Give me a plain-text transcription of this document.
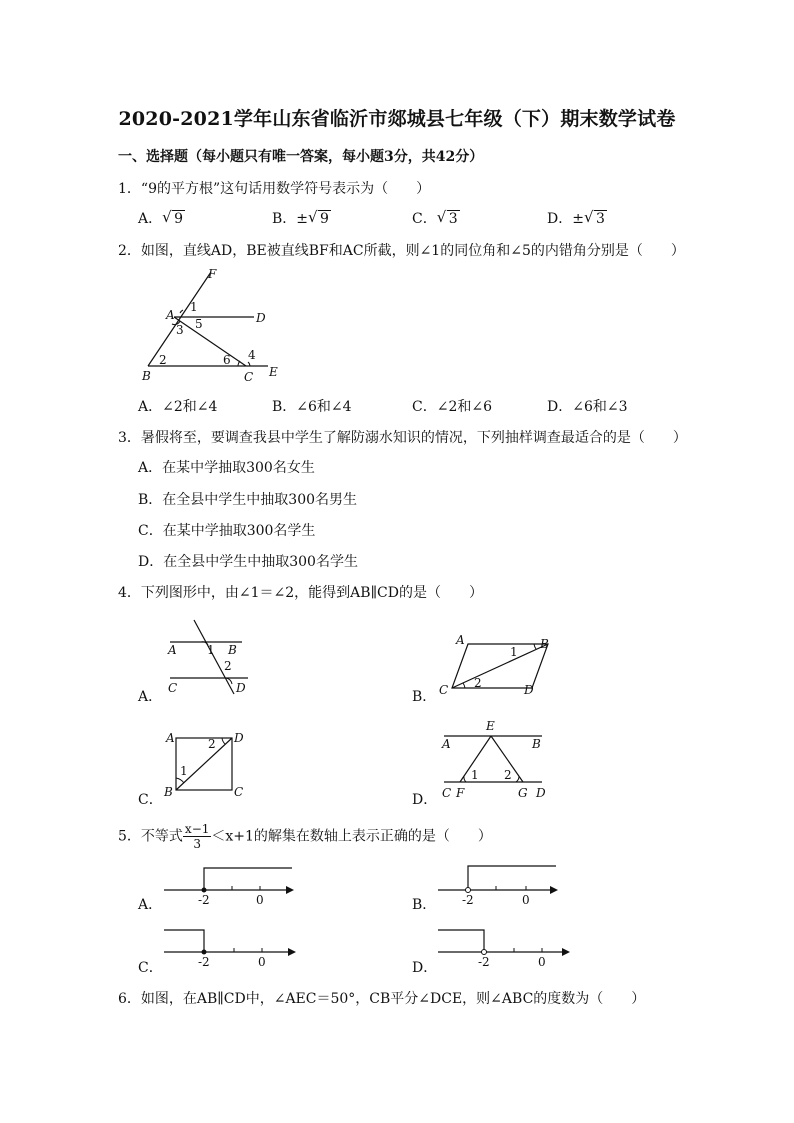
2020-2021学年山东省临沂市郯城县七年级（下）期末数学试卷
一、选择题（每小题只有唯一答案，每小题3分，共42分）
1．“9的平方根”这句话用数学符号表示为（　　）
A． √ 9	B．± √ 9	C． √ 3	D．± √ 3
2．如图，直线AD，BE被直线BF和AC所截，则∠1的同位角和∠5的内错角分别是（　　）
F
A	D
B	C E
1
3 5
2	6 4
A．∠2和∠4	B．∠6和∠4	C．∠2和∠6	D．∠6和∠3
3．暑假将至，要调查我县中学生了解防溺水知识的情况，下列抽样调查最适合的是（　　）
A．在某中学抽取300名女生
B．在全县中学生中抽取300名男生
C．在某中学抽取300名学生
D．在全县中学生中抽取300名学生
4．下列图形中，由∠1＝∠2，能得到AB∥CD的是（　　）
A．
A	1 B
2
C	D
B．
A	B
1
2
C	D
C．
A	D
2
1
B	C	D．
E
A	B
1 2
C F	G D
5．不等式 $\frac{x-1}{3} <x+1$的解集在数轴上表示正确的是（　　）
A．	-2	0	B． -2	0
C．	-2	0	D．	-2	0
6．如图，在AB∥CD中，∠AEC＝50°，CB平分∠DCE，则∠ABC的度数为（　　）
